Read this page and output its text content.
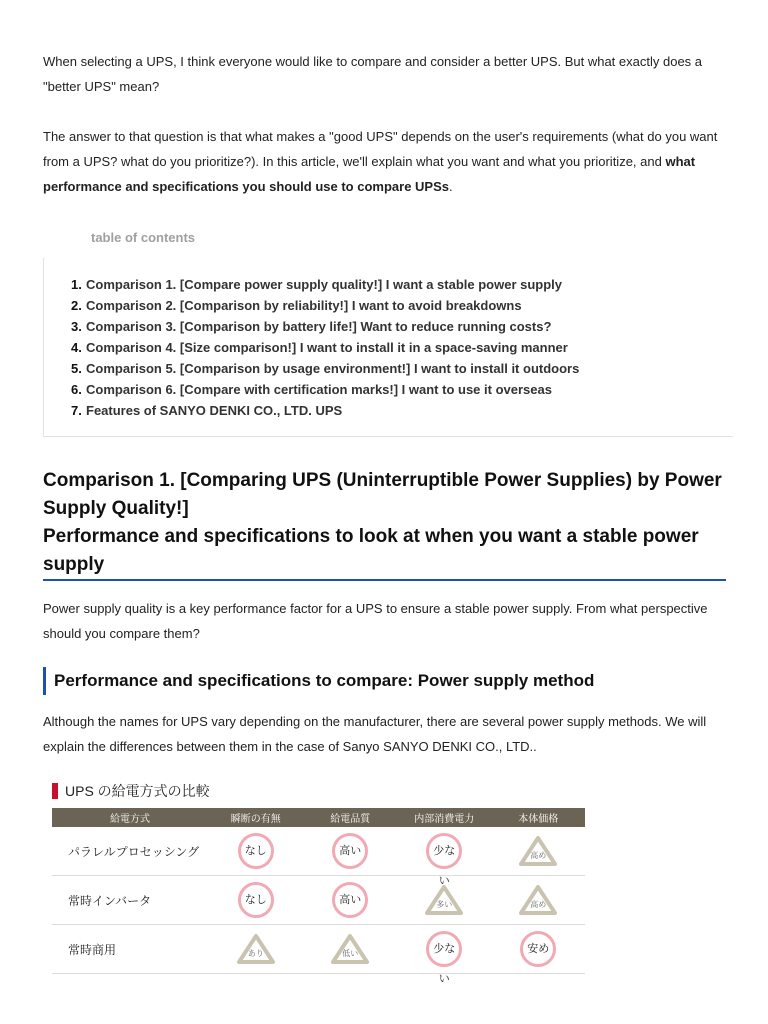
When selecting a UPS, I think everyone would like to compare and consider a better UPS. But what exactly does a "better UPS" mean?

The answer to that question is that what makes a "good UPS" depends on the user's requirements (what do you want from a UPS? what do you prioritize?). In this article, we'll explain what you want and what you prioritize, and what performance and specifications you should use to compare UPSs.

table of contents
1. Comparison 1. [Compare power supply quality!] I want a stable power supply
2. Comparison 2. [Comparison by reliability!] I want to avoid breakdowns
3. Comparison 3. [Comparison by battery life!] Want to reduce running costs?
4. Comparison 4. [Size comparison!] I want to install it in a space-saving manner
5. Comparison 5. [Comparison by usage environment!] I want to install it outdoors
6. Comparison 6. [Compare with certification marks!] I want to use it overseas
7. Features of SANYO DENKI CO., LTD. UPS
Comparison 1. [Comparing UPS (Uninterruptible Power Supplies) by Power Supply Quality!]
Performance and specifications to look at when you want a stable power supply

Power supply quality is a key performance factor for a UPS to ensure a stable power supply. From what perspective should you compare them?

Performance and specifications to compare: Power supply method

Although the names for UPS vary depending on the manufacturer, there are several power supply methods. We will explain the differences between them in the case of Sanyo SANYO DENKI CO., LTD..

UPS の給電方式の比較
給電方式	瞬断の有無	給電品質	内部消費電力	本体価格
パラレルプロセッシング	なし	高い	少ない	高め

常時インバータ	なし	高い	多い	高め

常時商用	あり	低い	少ない	安め
